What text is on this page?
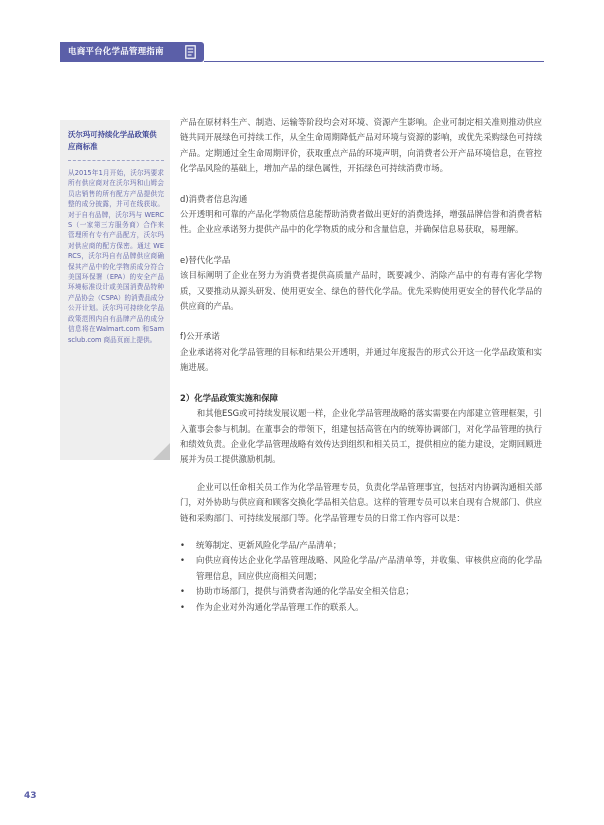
电商平台化学品管理指南
沃尔玛可持续化学品政策供应商标准
从2015年1月开始，沃尔玛要求所有供应商对在沃尔玛和山姆会员店销售的所有配方产品提供完整的成分披露，并可在线获取。对于自有品牌，沃尔玛与 WERCS（一家第三方服务商）合作来管理所有专有产品配方，沃尔玛对供应商的配方保密。通过 WERCS，沃尔玛自有品牌供应商确保其产品中的化学物质成分符合美国环保署（EPA）的安全产品环境标准设计或美国消费品特种产品协会（CSPA）的消费品成分公开计划。沃尔玛可持续化学品政策范围内自有品牌产品的成分信息将在Walmart.com 和Samsclub.com 商品页面上提供。

产品在原材料生产、制造、运输等阶段均会对环境、资源产生影响。企业可制定相关准则推动供应链共同开展绿色可持续工作，从全生命周期降低产品对环境与资源的影响，或优先采购绿色可持续产品。定期通过全生命周期评价，获取重点产品的环境声明，向消费者公开产品环境信息，在管控化学品风险的基础上，增加产品的绿色属性，开拓绿色可持续消费市场。

d)消费者信息沟通

公开透明和可靠的产品化学物质信息能帮助消费者做出更好的消费选择，增强品牌信誉和消费者粘性。企业应承诺努力提供产品中的化学物质的成分和含量信息，并确保信息易获取，易理解。

e)替代化学品

该目标阐明了企业在努力为消费者提供高质量产品时，既要减少、消除产品中的有毒有害化学物质，又要推动从源头研发、使用更安全、绿色的替代化学品。优先采购使用更安全的替代化学品的供应商的产品。

f)公开承诺

企业承诺将对化学品管理的目标和结果公开透明，并通过年度报告的形式公开这一化学品政策和实施进展。

2）化学品政策实施和保障

和其他ESG或可持续发展议题一样，企业化学品管理战略的落实需要在内部建立管理框架，引入董事会参与机制。在董事会的带领下，组建包括高管在内的统筹协调部门，对化学品管理的执行和绩效负责。企业化学品管理战略有效传达到组织和相关员工，提供相应的能力建设，定期回顾进展并为员工提供激励机制。

企业可以任命相关员工作为化学品管理专员，负责化学品管理事宜，包括对内协调沟通相关部门，对外协助与供应商和顾客交换化学品相关信息。这样的管理专员可以来自现有合规部门、供应链和采购部门、可持续发展部门等。化学品管理专员的日常工作内容可以是：

• 统筹制定、更新风险化学品/产品清单；
• 向供应商传达企业化学品管理战略、风险化学品/产品清单等，并收集、审核供应商的化学品管理信息，回应供应商相关问题；
• 协助市场部门，提供与消费者沟通的化学品安全相关信息；
• 作为企业对外沟通化学品管理工作的联系人。
43
